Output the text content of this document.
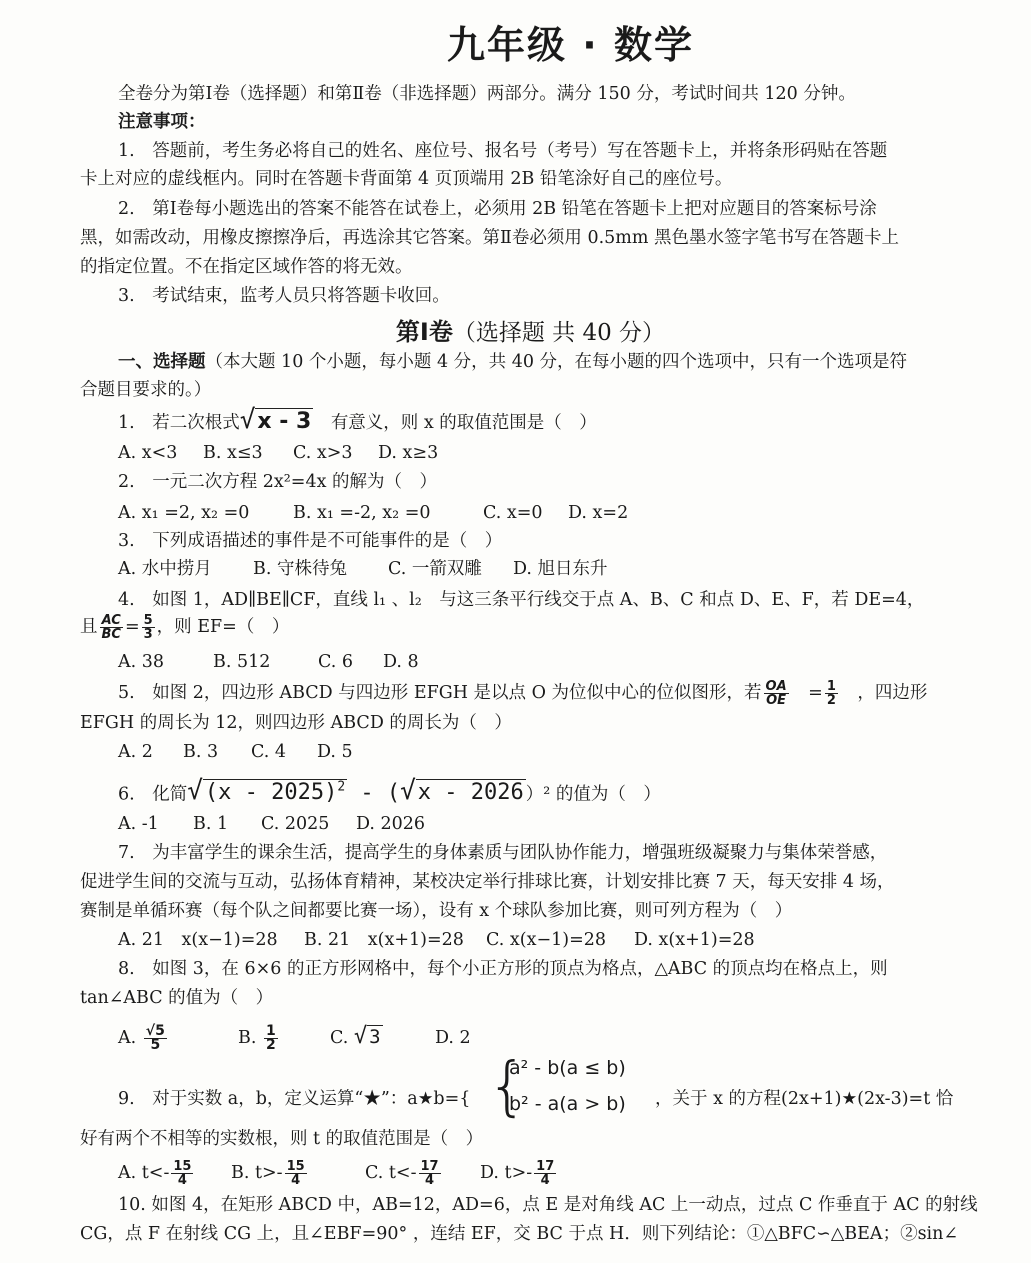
九年级 · 数学
全卷分为第Ⅰ卷（选择题）和第Ⅱ卷（非选择题）两部分。满分 150 分，考试时间共 120 分钟。
注意事项：
1.　答题前，考生务必将自己的姓名、座位号、报名号（考号）写在答题卡上，并将条形码贴在答题
卡上对应的虚线框内。同时在答题卡背面第 4 页顶端用 2B 铅笔涂好自己的座位号。
2.　第Ⅰ卷每小题选出的答案不能答在试卷上，必须用 2B 铅笔在答题卡上把对应题目的答案标号涂
黑，如需改动，用橡皮擦擦净后，再选涂其它答案。第Ⅱ卷必须用 0.5mm 黑色墨水签字笔书写在答题卡上
的指定位置。不在指定区域作答的将无效。
3.　考试结束，监考人员只将答题卡收回。
第Ⅰ卷（选择题 共 40 分）
一、选择题（本大题 10 个小题，每小题 4 分，共 40 分，在每小题的四个选项中，只有一个选项是符
合题目要求的。）
1.　若二次根式√x - 3　 有意义，则 x 的取值范围是（　）
A. x<3 B. x≤3 C. x>3 D. x≥3
2.　一元二次方程 2x²=4x 的解为（　）
A. x₁ =2, x₂ =0 B. x₁ =-2, x₂ =0	C. x=0 D. x=2
3.　下列成语描述的事件是不可能事件的是（　）
A. 水中捞月 B. 守株待兔 C. 一箭双雕 D. 旭日东升
4.　如图 1，AD∥BE∥CF，直线 l₁ 、l₂　与这三条平行线交于点 A、B、C 和点 D、E、F，若 DE=4，
且 $\frac{AC}{BC} = \frac{5}{3}$ ，则 EF=（　）
A. 38	B. 512	C. 6 D. 8
5.　如图 2，四边形 ABCD 与四边形 EFGH 是以点 O 为位似中心的位似图形，若 $\frac{OA}{OE}$
　 = $\frac{1}{2}$
　 ，四边形
EFGH 的周长为 12，则四边形 ABCD 的周长为（　）
A. 2 B. 3 C. 4 D. 5
6.　化简√(x - 2025)$^2$ - (√x - 2026 ）² 的值为（　）
A. -1 B. 1 C. 2025 D. 2026
7.　为丰富学生的课余生活，提高学生的身体素质与团队协作能力，增强班级凝聚力与集体荣誉感，
促进学生间的交流与互动，弘扬体育精神，某校决定举行排球比赛，计划安排比赛 7 天，每天安排 4 场，
赛制是单循环赛（每个队之间都要比赛一场），设有 x 个球队参加比赛，则可列方程为（　）
A. 21　x(x−1)=28 B. 21　x(x+1)=28 C. x(x−1)=28 D. x(x+1)=28
8.　如图 3，在 6×6 的正方形网格中，每个小正方形的顶点为格点，△ABC 的顶点均在格点上，则
tan∠ABC 的值为（　）
A. $\frac{√5}{5}$	B. $\frac{1}{2}$	C. √ 3	D. 2
9.　对于实数 a，b，定义运算“★”：a★b={ {
a² - b(a ≤ b)
b² - a(a > b) ，关于 x 的方程(2x+1)★(2x-3)=t 恰
好有两个不相等的实数根，则 t 的取值范围是（　）
A. $t<- \frac{15}{4} B$. $t>- \frac{15}{4}$	C. $t<- \frac{17}{4} D$. $t>- \frac{17}{4}$
10. 如图 4，在矩形 ABCD 中，AB=12，AD=6，点 E 是对角线 AC 上一动点，过点 C 作垂直于 AC 的射线
CG，点 F 在射线 CG 上，且∠EBF=90° ，连结 EF，交 BC 于点 H．则下列结论：①△BFC∽△BEA；②sin∠
